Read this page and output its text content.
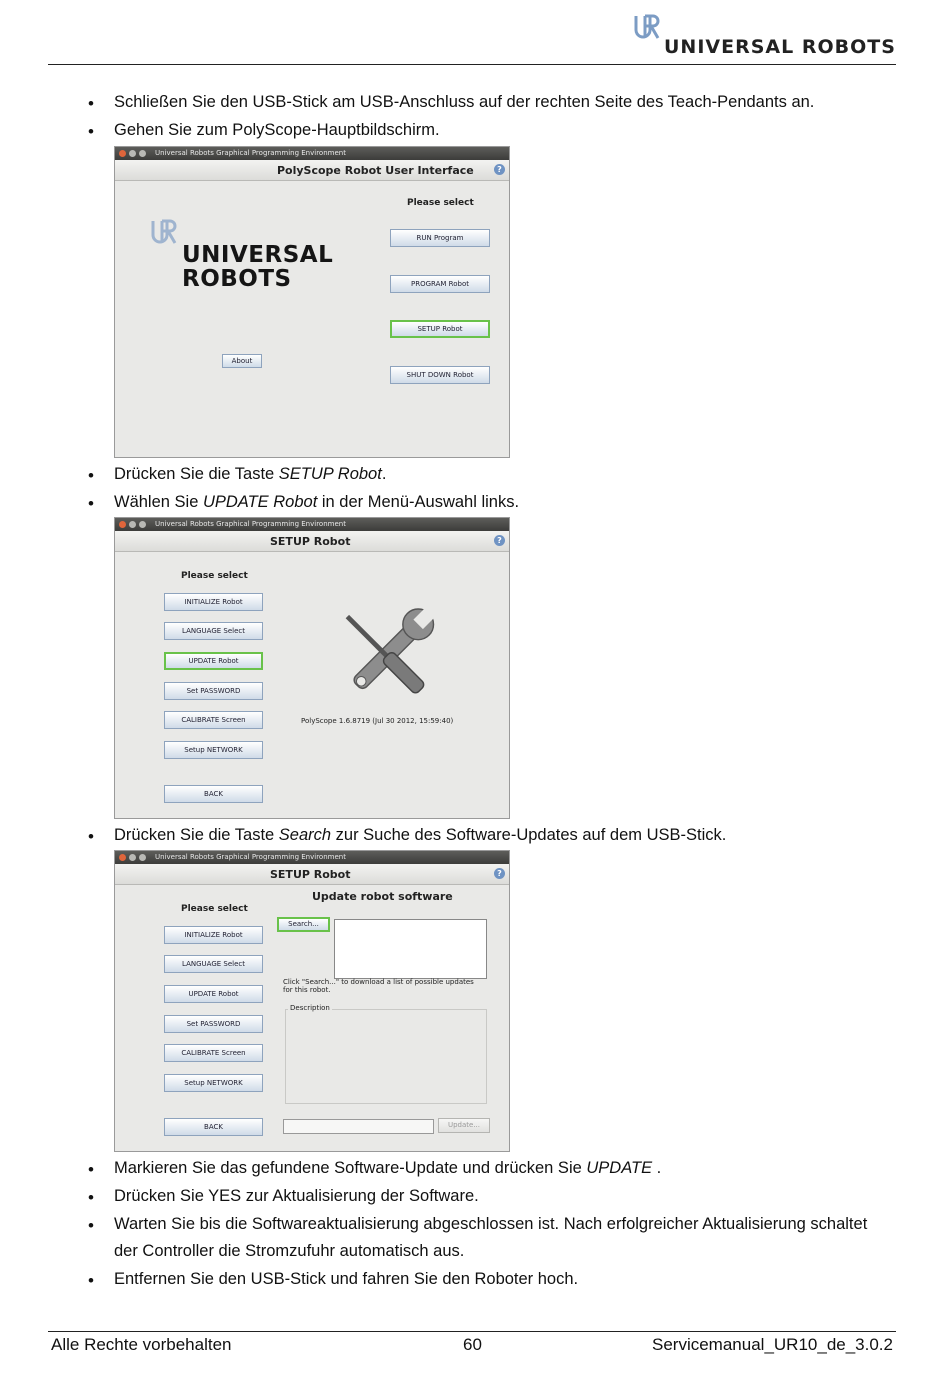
UNIVERSAL ROBOTS
• Schließen Sie den USB-Stick am USB-Anschluss auf der rechten Seite des Teach-Pendants an.
• Gehen Sie zum PolyScope-Hauptbildschirm.
Universal Robots Graphical Programming Environment
PolyScope Robot User Interface	?
UNIVERSAL
ROBOTS
Please select
RUN Program
PROGRAM Robot
SETUP Robot
SHUT DOWN Robot
About
• Drücken Sie die Taste SETUP Robot.
• Wählen Sie UPDATE Robot in der Menü-Auswahl links.
Universal Robots Graphical Programming Environment
SETUP Robot	?
Please select
INITIALIZE Robot
LANGUAGE Select
UPDATE Robot
Set PASSWORD
CALIBRATE Screen
Setup NETWORK
BACK
PolyScope 1.6.8719 (Jul 30 2012, 15:59:40)
• Drücken Sie die Taste Search zur Suche des Software-Updates auf dem USB-Stick.
Universal Robots Graphical Programming Environment
SETUP Robot	?
Update robot software
Please select
INITIALIZE Robot
LANGUAGE Select
UPDATE Robot
Set PASSWORD
CALIBRATE Screen
Setup NETWORK
BACK
Search...
Click "Search..." to download a list of possible updates
for this robot.
Description
Update...
• Markieren Sie das gefundene Software-Update und drücken Sie UPDATE .
• Drücken Sie YES zur Aktualisierung der Software.
• Warten Sie bis die Softwareaktualisierung abgeschlossen ist. Nach erfolgreicher Aktualisierung schaltet der Controller die Stromzufuhr automatisch aus.
• Entfernen Sie den USB-Stick und fahren Sie den Roboter hoch.
Alle Rechte vorbehalten	60	Servicemanual_UR10_de_3.0.2
